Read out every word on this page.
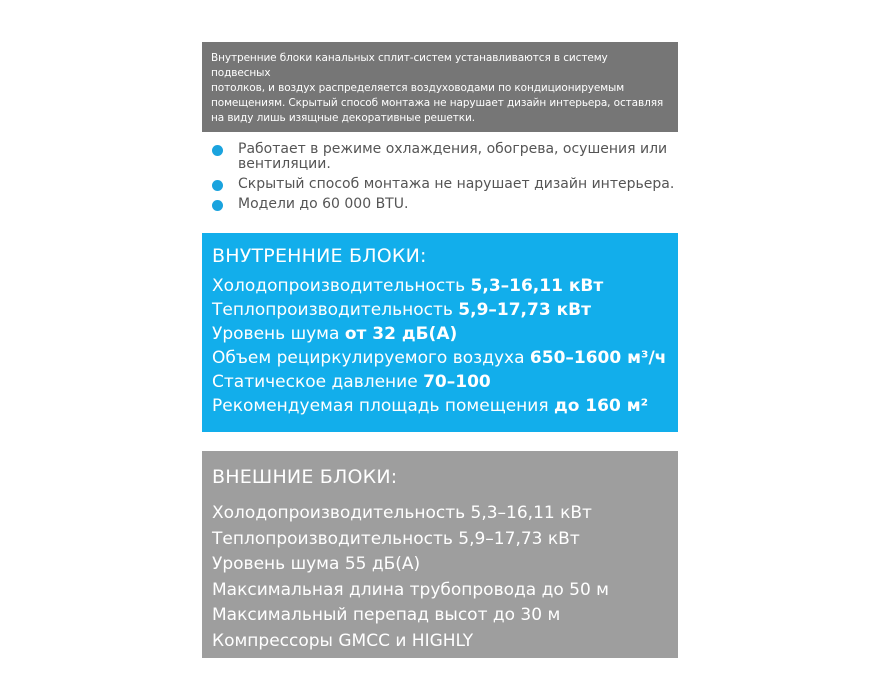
Внутренние блоки канальных сплит-систем устанавливаются в систему подвесных
потолков, и воздух распределяется воздуховодами по кондиционируемым
помещениям. Скрытый способ монтажа не нарушает дизайн интерьера, оставляя
на виду лишь изящные декоративные решетки.
Работает в режиме охлаждения, обогрева, осушения или вентиляции.
Скрытый способ монтажа не нарушает дизайн интерьера.
Модели до 60 000 BTU.
ВНУТРЕННИЕ БЛОКИ:
Холодопроизводительность 5,3–16,11 кВт
Теплопроизводительность 5,9–17,73 кВт
Уровень шума от 32 дБ(А)
Объем рециркулируемого воздуха 650–1600 м³/ч
Статическое давление 70–100
Рекомендуемая площадь помещения до 160 м²
ВНЕШНИЕ БЛОКИ:
Холодопроизводительность 5,3–16,11 кВт
Теплопроизводительность 5,9–17,73 кВт
Уровень шума 55 дБ(А)
Максимальная длина трубопровода до 50 м
Максимальный перепад высот до 30 м
Компрессоры GMCC и HIGHLY
